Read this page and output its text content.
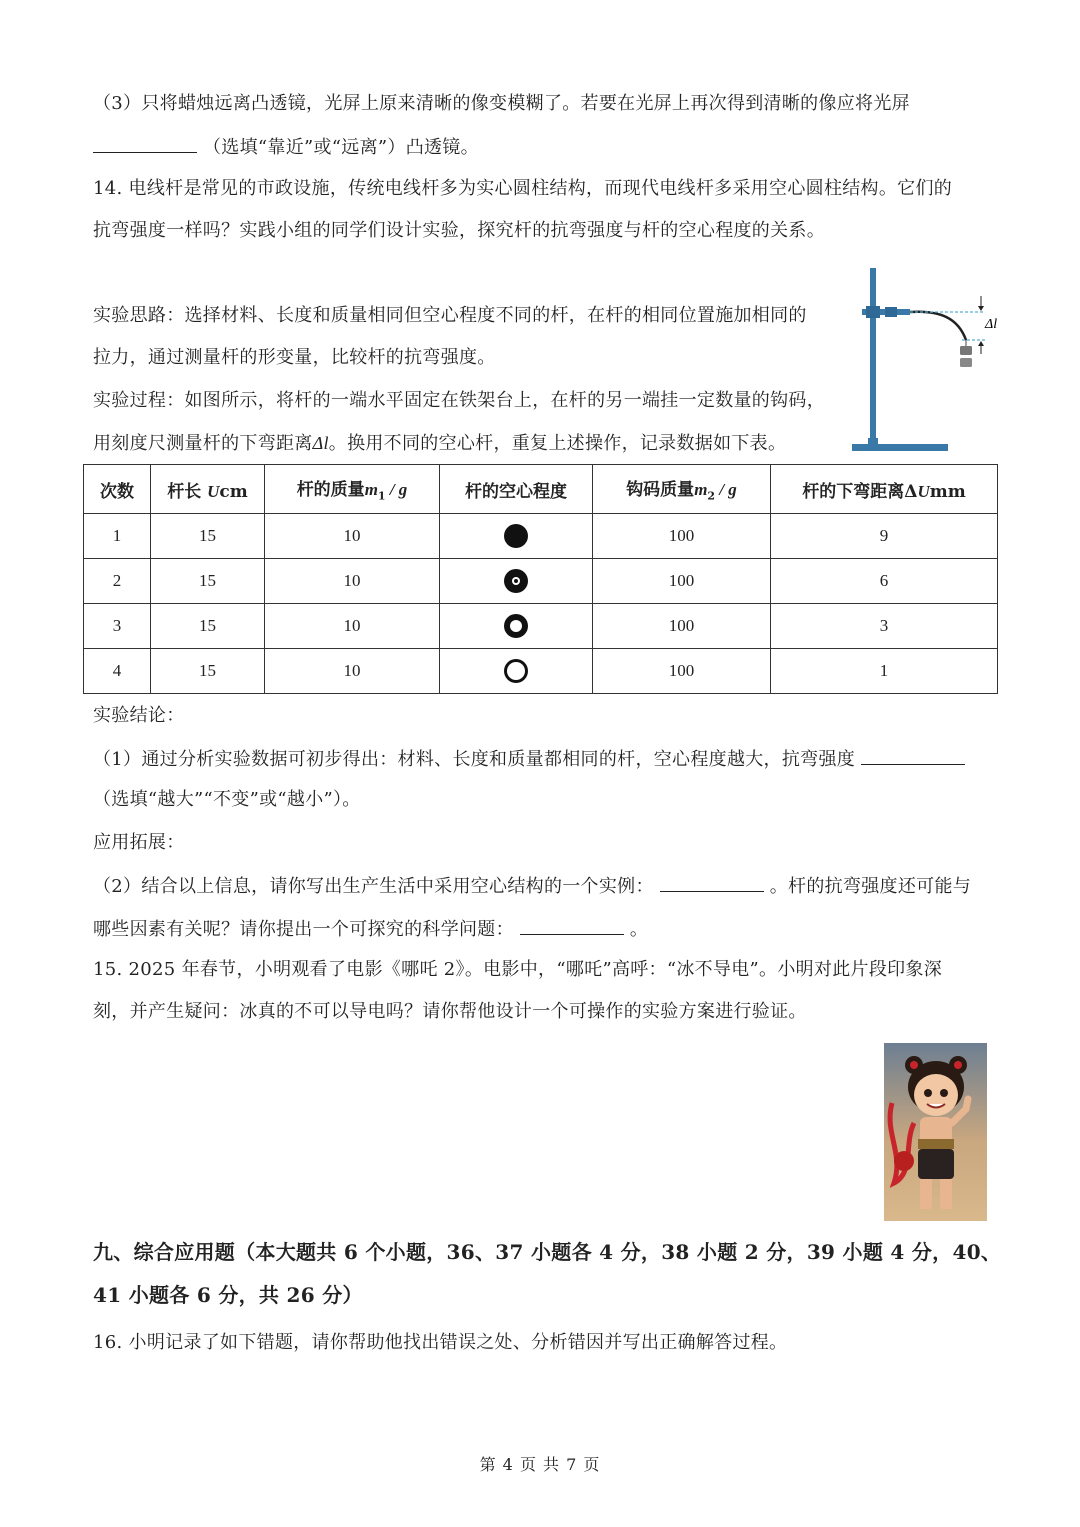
（3）只将蜡烛远离凸透镜，光屏上原来清晰的像变模糊了。若要在光屏上再次得到清晰的像应将光屏
（选填“靠近”或“远离”）凸透镜。
14. 电线杆是常见的市政设施，传统电线杆多为实心圆柱结构，而现代电线杆多采用空心圆柱结构。它们的
抗弯强度一样吗？实践小组的同学们设计实验，探究杆的抗弯强度与杆的空心程度的关系。
实验思路：选择材料、长度和质量相同但空心程度不同的杆，在杆的相同位置施加相同的
拉力，通过测量杆的形变量，比较杆的抗弯强度。
实验过程：如图所示，将杆的一端水平固定在铁架台上，在杆的另一端挂一定数量的钩码，
用刻度尺测量杆的下弯距离Δl。换用不同的空心杆，重复上述操作，记录数据如下表。
Δl
次数	杆长 Ucm	杆的质量$m_1$ / g	杆的空心程度	钩码质量$m_2$ / g	杆的下弯距离ΔUmm
1	15	10		100	9
2	15	10		100	6
3	15	10		100	3
4	15	10		100	1
实验结论：
（1）通过分析实验数据可初步得出：材料、长度和质量都相同的杆，空心程度越大，抗弯强度
（选填“越大”“不变”或“越小”）。
应用拓展：
（2）结合以上信息，请你写出生产生活中采用空心结构的一个实例：	。杆的抗弯强度还可能与
哪些因素有关呢？请你提出一个可探究的科学问题：	。
15. 2025 年春节，小明观看了电影《哪吒 2》。电影中，“哪吒”高呼：“冰不导电”。小明对此片段印象深
刻，并产生疑问：冰真的不可以导电吗？请你帮他设计一个可操作的实验方案进行验证。
九、综合应用题（本大题共 6 个小题，36、37 小题各 4 分，38 小题 2 分，39 小题 4 分，40、
41 小题各 6 分，共 26 分）
16. 小明记录了如下错题，请你帮助他找出错误之处、分析错因并写出正确解答过程。
第 4 页 共 7 页
